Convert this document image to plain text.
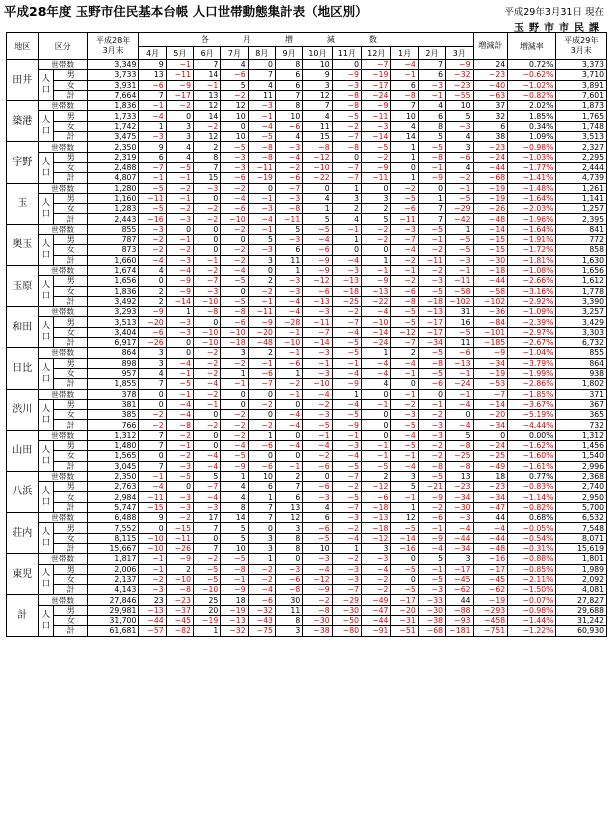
平成28年度 玉野市住民基本台帳 人口世帯動態集計表（地区別）	平成29年3月31日 現在
玉野市市民課
地区	区分		平成28年
3月末	各月増減数												増減計	増減率	平成29年
3月末
				4月	5月	6月	7月	8月	9月	10月	11月	12月	1月	2月	3月			
田井	世帯数		3,349	9	−1	7	4	0	8	10	0	−7	−4	7	−9	24	0.72%	3,373
	人口	男	3,733	13	−11	14	−6	7	6	9	−9	−19	−1	6	−32	−23	−0.62%	3,710
		女	3,931	−6	−9	−1	5	4	6	3	−3	−17	6	−3	−23	−40	−1.02%	3,891
		計	7,664	7	−17	13	−2	11	7	12	−8	−24	−8	−1	−55	−63	−0.82%	7,601
築港	世帯数		1,836	−1	−2	12	12	−3	8	7	−8	−9	7	4	10	37	2.02%	1,873
	人口	男	1,733	−4	0	14	10	−1	10	4	−5	−11	10	6	5	32	1.85%	1,765
		女	1,742	1	3	−2	0	−4	−6	11	−2	−3	4	8	−3	6	0.34%	1,748
		計	3,475	−3	3	12	10	−5	4	15	−7	−14	14	5	4	38	1.09%	3,513
宇野	世帯数		2,350	9	4	2	−5	−8	−3	−8	−8	−5	1	−5	3	−23	−0.98%	2,327
	人口	男	2,319	6	4	8	−3	−8	−4	−12	0	−2	1	−8	−6	−24	−1.03%	2,295
		女	2,488	−7	−5	7	−3	−11	−2	−10	−7	−9	0	−1	4	−44	−1.77%	2,444
		計	4,807	−1	−1	15	−6	−19	−6	−22	−7	−11	1	−9	−2	−68	−1.41%	4,739
玉	世帯数		1,280	−5	−2	−3	−2	0	−7	0	1	0	−2	0	−1	−19	−1.48%	1,261
	人口	男	1,160	−11	−1	0	−4	−1	−3	4	3	3	−5	1	−5	−19	−1.64%	1,141
		女	1,283	−5	−2	−2	−6	−3	−8	1	2	2	−6	7	−29	−26	−2.03%	1,257
		計	2,443	−16	−3	−2	−10	−4	−11	5	4	5	−11	7	−42	−48	−1.96%	2,395
奥玉	世帯数		855	−3	0	0	−2	−1	5	−5	−1	−2	−3	−5	1	−14	−1.64%	841
	人口	男	787	−2	−1	0	0	5	−3	−4	1	−2	−7	−1	−5	−15	−1.91%	772
		女	873	−2	−2	0	−2	−3	6	−6	0	0	−4	−2	−5	−15	−1.72%	858
		計	1,660	−4	−3	−1	−2	3	11	−9	−4	1	−2	−11	−3	−30	−1.81%	1,630
玉原	世帯数		1,674	4	−4	−2	−4	0	1	−9	−3	−1	−1	−2	−1	−18	−1.08%	1,656
	人口	男	1,656	0	−9	−7	−5	2	−3	−12	−13	−9	−2	−3	−11	−44	−2.66%	1,612
		女	1,836	2	−9	−3	0	−2	−3	−6	−18	−13	−6	−5	−58	−58	−3.16%	1,778
		計	3,492	2	−14	−10	−5	−1	−4	−13	−25	−22	−8	−18	−102	−102	−2.92%	3,390
和田	世帯数		3,293	−9	1	−8	−8	−11	−4	−3	−2	−4	−5	−13	31	−36	−1.09%	3,257
	人口	男	3,513	−20	−3	0	−6	−9	−28	−11	−7	−10	−5	−17	16	−84	−2.39%	3,429
		女	3,404	−6	−3	−10	−10	−20	−1	−7	−4	−14	−12	−17	−5	−101	−2.97%	3,303
		計	6,917	−26	0	−10	−18	−48	−10	−14	−5	−24	−7	−34	11	−185	−2.67%	6,732
日比	世帯数		864	3	0	−2	3	2	−1	−3	−5	1	2	−5	−6	−9	−1.04%	855
	人口	男	898	3	−4	−2	−2	−1	−6	−1	−1	−4	−4	−8	−13	−34	−3.79%	864
		女	957	4	−1	−2	1	−6	1	−3	−4	−4	−1	−5	−1	−19	−1.99%	938
		計	1,855	7	−5	−4	−1	−7	−2	−10	−9	4	0	−6	−24	−53	−2.86%	1,802
渋川	世帯数		378	0	−1	−2	0	0	−1	−4	1	0	−1	0	−1	−7	−1.85%	371
	人口	男	381	0	−4	−1	0	−2	0	−2	−4	−1	−2	−1	−4	−14	−3.67%	367
		女	385	−2	−4	0	−2	0	−4	−3	−5	0	−3	−2	0	−20	−5.19%	365
		計	766	−2	−8	−2	−2	−2	−4	−5	−9	0	−5	−3	−4	−34	−4.44%	732
山田	世帯数		1,312	7	−2	0	−2	1	0	−1	−1	0	−4	−3	5	0	0.00%	1,312
	人口	男	1,480	7	−1	0	−4	−6	−4	−4	−3	−1	−5	−2	−8	−24	−1.62%	1,456
		女	1,565	0	−2	−4	−5	0	0	−2	−4	−1	−1	−2	−25	−25	−1.60%	1,540
		計	3,045	7	−3	−4	−9	−6	−1	−6	−5	−5	−4	−8	−8	−49	−1.61%	2,996
八浜	世帯数		2,350	−1	−5	5	1	10	2	0	−7	2	3	−5	13	18	0.77%	2,368
	人口	男	2,763	−4	0	−7	4	6	7	−6	−2	−12	5	−21	−23	−23	−0.83%	2,740
		女	2,984	−11	−3	−4	4	1	6	−3	−5	−6	−1	−9	−34	−34	−1.14%	2,950
		計	5,747	−15	−3	−3	8	7	13	4	−7	−18	1	−2	−30	−47	−0.82%	5,700
荘内	世帯数		6,488	9	−2	17	14	7	12	6	−3	−13	12	−6	−3	44	0.68%	6,532
	人口	男	7,552	0	−15	7	5	0	3	−6	−2	−18	−5	−1	−4	−4	−0.05%	7,548
		女	8,115	−10	−11	0	5	3	8	−5	−4	−12	−14	−9	−44	−44	−0.54%	8,071
		計	15,667	−10	−26	7	10	3	8	10	1	3	−16	−4	−34	−48	−0.31%	15,619
東児	世帯数		1,817	−1	−9	−2	−5	1	0	−3	−2	−3	0	5	3	−16	−0.88%	1,801
	人口	男	2,006	−1	2	−5	−8	−2	−3	−4	−3	−4	−5	−1	−17	−17	−0.85%	1,989
		女	2,137	−2	−10	−5	−1	−2	−6	−12	−3	−2	0	−5	−45	−45	−2.11%	2,092
		計	4,143	−3	−8	−10	−9	−4	−8	−9	−7	−2	−5	−3	−62	−62	−1.50%	4,081
計	世帯数		27,846	23	−23	25	18	−6	30	−2	−29	−49	−17	−33	44	−19	−0.07%	27,827
	人口	男	29,981	−13	−37	20	−19	−32	11	−8	−30	−47	−20	−30	−88	−293	−0.98%	29,688
		女	31,700	−44	−45	−19	−13	−43	8	−30	−50	−44	−31	−38	−93	−458	−1.44%	31,242
		計	61,681	−57	−82	1	−32	−75	3	−38	−80	−91	−51	−68	−181	−751	−1.22%	60,930
